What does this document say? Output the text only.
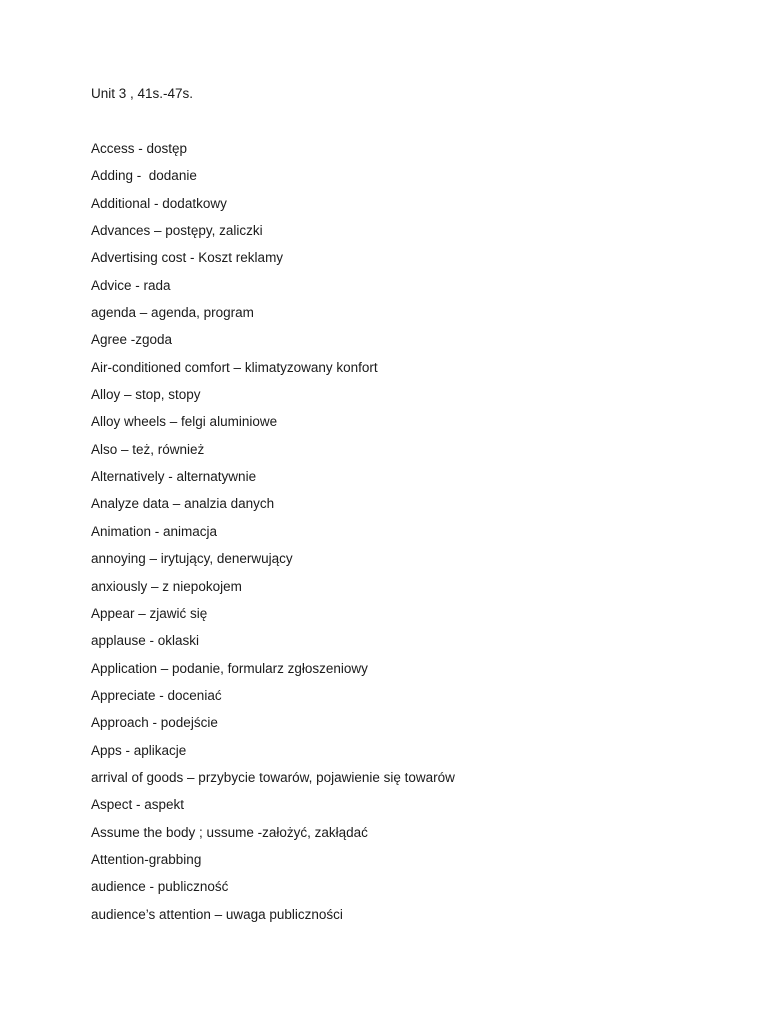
Unit 3 , 41s.-47s.
Access - dostęp
Adding -  dodanie
Additional - dodatkowy
Advances – postępy, zaliczki
Advertising cost - Koszt reklamy
Advice - rada
agenda – agenda, program
Agree -zgoda
Air-conditioned comfort – klimatyzowany konfort
Alloy – stop, stopy
Alloy wheels – felgi aluminiowe
Also – też, również
Alternatively - alternatywnie
Analyze data – analzia danych
Animation - animacja
annoying – irytujący, denerwujący
anxiously – z niepokojem
Appear – zjawić się
applause - oklaski
Application – podanie, formularz zgłoszeniowy
Appreciate - doceniać
Approach - podejście
Apps - aplikacje
arrival of goods – przybycie towarów, pojawienie się towarów
Aspect - aspekt
Assume the body ; ussume -założyć, zakłądać
Attention-grabbing
audience - publiczność
audience’s attention – uwaga publiczności
